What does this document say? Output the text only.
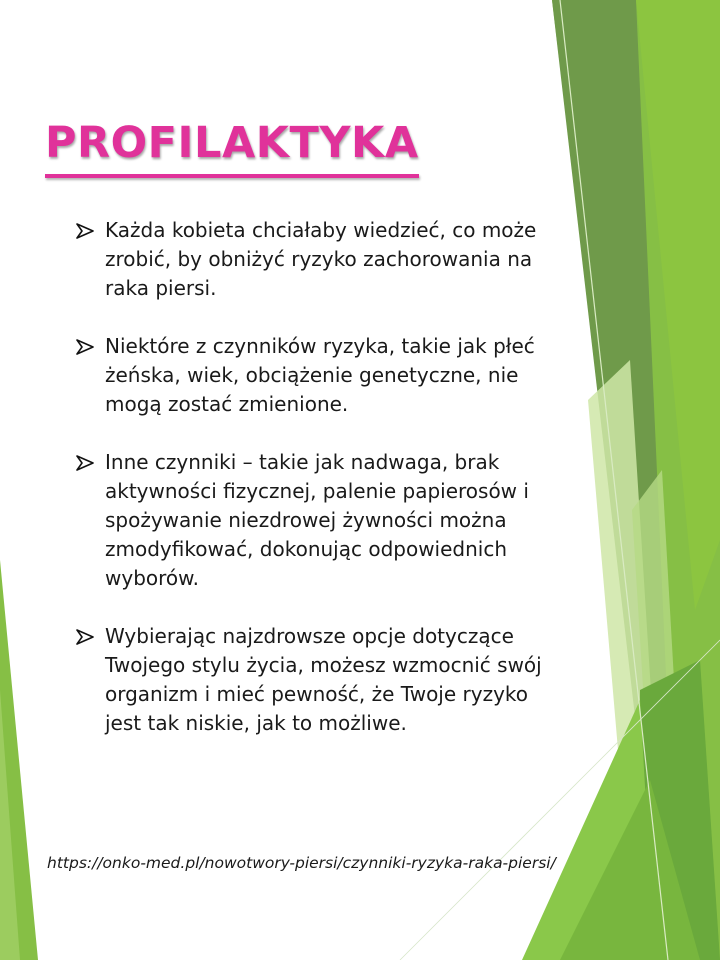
PROFILAKTYKA
Każda kobieta chciałaby wiedzieć, co może zrobić, by obniżyć ryzyko zachorowania na raka piersi.
Niektóre z czynników ryzyka, takie jak płeć żeńska, wiek, obciążenie genetyczne, nie mogą zostać zmienione.
Inne czynniki – takie jak nadwaga, brak aktywności fizycznej, palenie papierosów i spożywanie niezdrowej żywności można zmodyfikować, dokonując odpowiednich wyborów.
Wybierając najzdrowsze opcje dotyczące Twojego stylu życia, możesz wzmocnić swój organizm i mieć pewność, że Twoje ryzyko jest tak niskie, jak to możliwe.

https://onko-med.pl/nowotwory-piersi/czynniki-ryzyka-raka-piersi/
